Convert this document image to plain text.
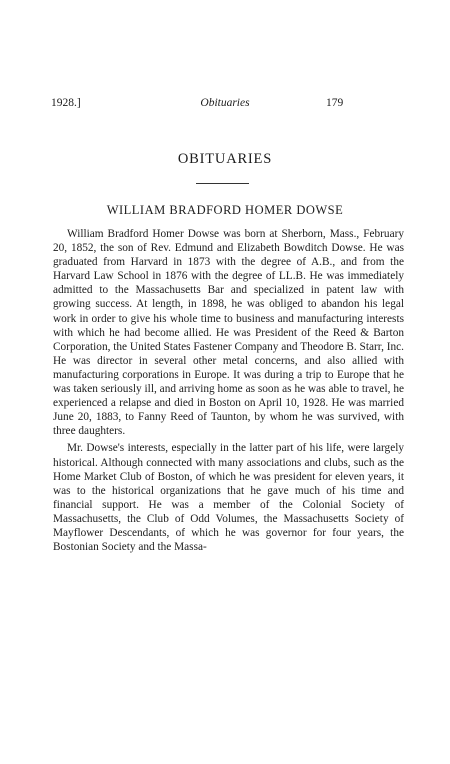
1928.]	Obituaries	179
OBITUARIES
WILLIAM BRADFORD HOMER DOWSE

William Bradford Homer Dowse was born at Sherborn, Mass., February 20, 1852, the son of Rev. Edmund and Elizabeth Bowditch Dowse. He was graduated from Harvard in 1873 with the degree of A.B., and from the Harvard Law School in 1876 with the degree of LL.B. He was immediately admitted to the Massachusetts Bar and specialized in patent law with growing success. At length, in 1898, he was obliged to abandon his legal work in order to give his whole time to business and manufacturing interests with which he had become allied. He was President of the Reed & Barton Corporation, the United States Fastener Company and Theodore B. Starr, Inc. He was director in several other metal concerns, and also allied with manufacturing corporations in Europe. It was during a trip to Europe that he was taken seriously ill, and arriving home as soon as he was able to travel, he experienced a relapse and died in Boston on April 10, 1928. He was married June 20, 1883, to Fanny Reed of Taunton, by whom he was survived, with three daughters.

Mr. Dowse's interests, especially in the latter part of his life, were largely historical. Although connected with many associations and clubs, such as the Home Market Club of Boston, of which he was president for eleven years, it was to the historical organizations that he gave much of his time and financial support. He was a member of the Colonial Society of Massachusetts, the Club of Odd Volumes, the Massachusetts Society of Mayflower Descendants, of which he was governor for four years, the Bostonian Society and the Massa-
